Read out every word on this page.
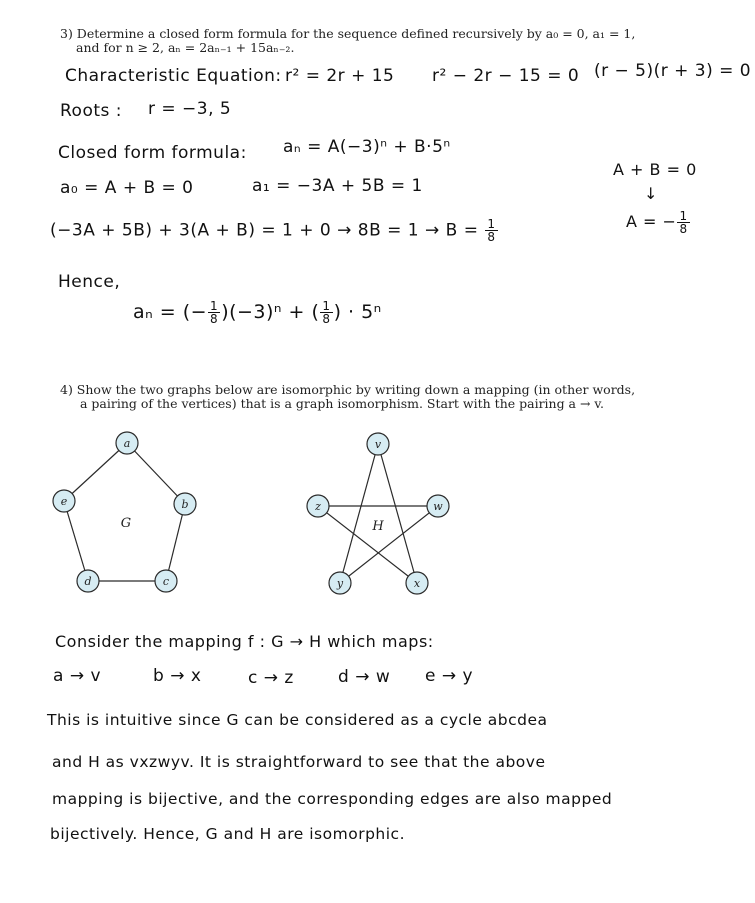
3) Determine a closed form formula for the sequence defined recursively by a₀ = 0, a₁ = 1,
and for n ≥ 2, aₙ = 2aₙ₋₁ + 15aₙ₋₂.
Characteristic Equation: r² = 2r + 15 r² − 2r − 15 = 0 (r − 5)(r + 3) = 0
Roots : r = −3, 5
Closed form formula: aₙ = A(−3)ⁿ + B·5ⁿ
a₀ = A + B = 0	a₁ = −3A + 5B = 1
A + B = 0
↓
A = − $\frac{1}{8}$
$(-3A + 5B) + 3(A + B) = 1 + 0 \to 8B = 1 \to B = \frac{1}{8}$
Hence,
aₙ = (− $\frac{1}{8} )(-3)^n$ + ( $\frac{1}{8}$ ) · 5ⁿ
4) Show the two graphs below are isomorphic by writing down a mapping (in other words,
a pairing of the vertices) that is a graph isomorphism. Start with the pairing a → v.
a
b
c
d
e
G
v
w
x
y
z
H
Consider the mapping f : G → H which maps:
a → v	b → x	c → z	d → w e → y
This is intuitive since G can be considered as a cycle abcdea
and H as vxzwyv. It is straightforward to see that the above
mapping is bijective, and the corresponding edges are also mapped
bijectively. Hence, G and H are isomorphic.
